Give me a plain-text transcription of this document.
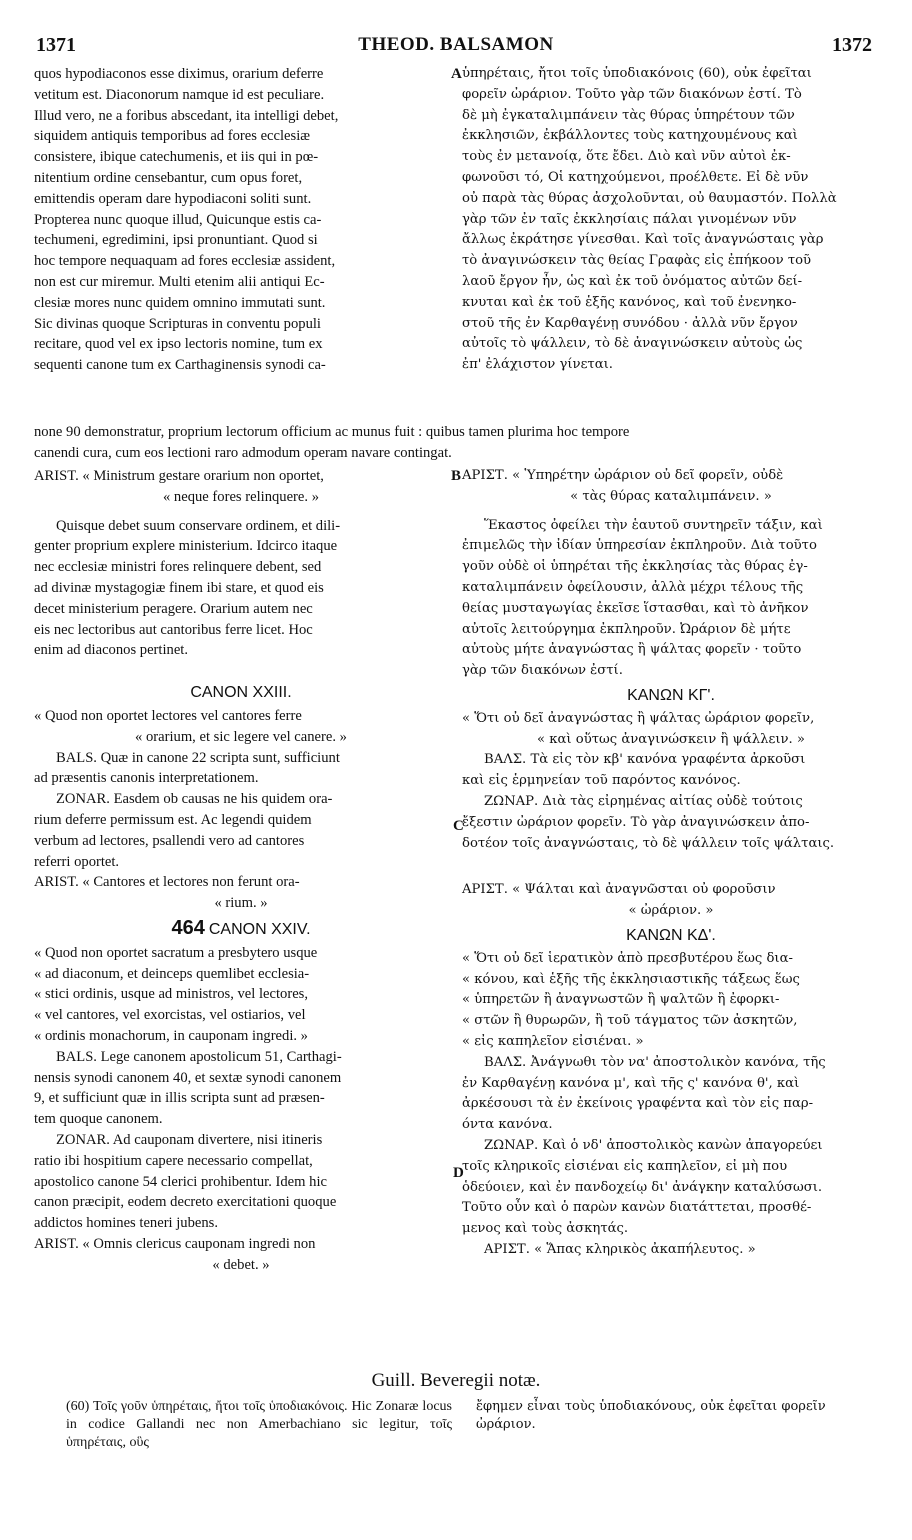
1371	THEOD. BALSAMON	1372
A
B
C
D

quos hypodiaconos esse diximus, orarium deferre

vetitum est. Diaconorum namque id est peculiare.

Illud vero, ne a foribus abscedant, ita intelligi debet,

siquidem antiquis temporibus ad fores ecclesiæ

consistere, ibique catechumenis, et iis qui in pœ-

nitentium ordine censebantur, cum opus foret,

emittendis operam dare hypodiaconi soliti sunt.

Propterea nunc quoque illud, Quicunque estis ca-

techumeni, egredimini, ipsi pronuntiant. Quod si

hoc tempore nequaquam ad fores ecclesiæ assident,

non est cur miremur. Multi etenim alii antiqui Ec-

clesiæ mores nunc quidem omnino immutati sunt.

Sic divinas quoque Scripturas in conventu populi

recitare, quod vel ex ipso lectoris nomine, tum ex

sequenti canone tum ex Carthaginensis synodi ca-

ὑπηρέταις, ἤτοι τοῖς ὑποδιακόνοις (60), οὐκ ἐφεῖται

φορεῖν ὠράριον. Τοῦτο γὰρ τῶν διακόνων ἐστί. Τὸ

δὲ μὴ ἐγκαταλιμπάνειν τὰς θύρας ὑπηρέτουν τῶν

ἐκκλησιῶν, ἐκβάλλοντες τοὺς κατηχουμένους καὶ

τοὺς ἐν μετανοίᾳ, ὅτε ἔδει. Διὸ καὶ νῦν αὐτοὶ ἐκ-

φωνοῦσι τό, Οἱ κατηχούμενοι, προέλθετε. Εἰ δὲ νῦν

οὐ παρὰ τὰς θύρας ἀσχολοῦνται, οὐ θαυμαστόν. Πολλὰ

γὰρ τῶν ἐν ταῖς ἐκκλησίαις πάλαι γινομένων νῦν

ἄλλως ἐκράτησε γίνεσθαι. Καὶ τοῖς ἀναγνώσταις γὰρ

τὸ ἀναγινώσκειν τὰς θείας Γραφὰς εἰς ἐπήκοον τοῦ

λαοῦ ἔργον ἦν, ὡς καὶ ἐκ τοῦ ὀνόματος αὐτῶν δεί-

κνυται καὶ ἐκ τοῦ ἑξῆς κανόνος, καὶ τοῦ ἐνενηκο-

στοῦ τῆς ἐν Καρθαγένῃ συνόδου · ἀλλὰ νῦν ἔργον

αὐτοῖς τὸ ψάλλειν, τὸ δὲ ἀναγινώσκειν αὐτοὺς ὡς

ἐπ' ἐλάχιστον γίνεται.

none 90 demonstratur, proprium lectorum officium ac munus fuit : quibus tamen plurima hoc tempore

canendi cura, cum eos lectioni raro admodum operam navare contingat.

ARIST. « Ministrum gestare orarium non oportet,

« neque fores relinquere. »

Quisque debet suum conservare ordinem, et dili-

genter proprium explere ministerium. Idcirco itaque

nec ecclesiæ ministri fores relinquere debent, sed

ad divinæ mystagogiæ finem ibi stare, et quod eis

decet ministerium peragere. Orarium autem nec

eis nec lectoribus aut cantoribus ferre licet. Hoc

enim ad diaconos pertinet.

CANON XXIII.

« Quod non oportet lectores vel cantores ferre

« orarium, et sic legere vel canere. »

BALS. Quæ in canone 22 scripta sunt, sufficiunt

ad præsentis canonis interpretationem.

ZONAR. Easdem ob causas ne his quidem ora-

rium deferre permissum est. Ac legendi quidem

verbum ad lectores, psallendi vero ad cantores

referri oportet.

ARIST. « Cantores et lectores non ferunt ora-

« rium. »

464 CANON XXIV.

« Quod non oportet sacratum a presbytero usque

« ad diaconum, et deinceps quemlibet ecclesia-

« stici ordinis, usque ad ministros, vel lectores,

« vel cantores, vel exorcistas, vel ostiarios, vel

« ordinis monachorum, in cauponam ingredi. »

BALS. Lege canonem apostolicum 51, Carthagi-

nensis synodi canonem 40, et sextæ synodi canonem

9, et sufficiunt quæ in illis scripta sunt ad præsen-

tem quoque canonem.

ZONAR. Ad cauponam divertere, nisi itineris

ratio ibi hospitium capere necessario compellat,

apostolico canone 54 clerici prohibentur. Idem hic

canon præcipit, eodem decreto exercitationi quoque

addictos homines teneri jubens.

ARIST. « Omnis clericus cauponam ingredi non

« debet. »

ΑΡΙΣΤ. « Ὑπηρέτην ὠράριον οὐ δεῖ φορεῖν, οὐδὲ

« τὰς θύρας καταλιμπάνειν. »

Ἕκαστος ὀφείλει τὴν ἑαυτοῦ συντηρεῖν τάξιν, καὶ

ἐπιμελῶς τὴν ἰδίαν ὑπηρεσίαν ἐκπληροῦν. Διὰ τοῦτο

γοῦν οὐδὲ οἱ ὑπηρέται τῆς ἐκκλησίας τὰς θύρας ἐγ-

καταλιμπάνειν ὀφείλουσιν, ἀλλὰ μέχρι τέλους τῆς

θείας μυσταγωγίας ἐκεῖσε ἵστασθαι, καὶ τὸ ἀνῆκον

αὐτοῖς λειτούργημα ἐκπληροῦν. Ὠράριον δὲ μήτε

αὐτοὺς μήτε ἀναγνώστας ἢ ψάλτας φορεῖν · τοῦτο

γὰρ τῶν διακόνων ἐστί.

ΚΑΝΩΝ ΚΓ'.

« Ὅτι οὐ δεῖ ἀναγνώστας ἢ ψάλτας ὠράριον φορεῖν,

« καὶ οὕτως ἀναγινώσκειν ἢ ψάλλειν. »

ΒΑΛΣ. Τὰ εἰς τὸν κβ' κανόνα γραφέντα ἀρκοῦσι

καὶ εἰς ἑρμηνείαν τοῦ παρόντος κανόνος.

ΖΩΝΑΡ. Διὰ τὰς εἰρημένας αἰτίας οὐδὲ τούτοις

ἔξεστιν ὠράριον φορεῖν. Τὸ γὰρ ἀναγινώσκειν ἀπο-

δοτέον τοῖς ἀναγνώσταις, τὸ δὲ ψάλλειν τοῖς ψάλταις.

ΑΡΙΣΤ. « Ψάλται καὶ ἀναγνῶσται οὐ φοροῦσιν

« ὠράριον. »

ΚΑΝΩΝ ΚΔ'.

« Ὅτι οὐ δεῖ ἱερατικὸν ἀπὸ πρεσβυτέρου ἕως δια-

« κόνου, καὶ ἑξῆς τῆς ἐκκλησιαστικῆς τάξεως ἕως

« ὑπηρετῶν ἢ ἀναγνωστῶν ἢ ψαλτῶν ἢ ἐφορκι-

« στῶν ἢ θυρωρῶν, ἢ τοῦ τάγματος τῶν ἀσκητῶν,

« εἰς καπηλεῖον εἰσιέναι. »

ΒΑΛΣ. Ἀνάγνωθι τὸν να' ἀποστολικὸν κανόνα, τῆς

ἐν Καρθαγένῃ κανόνα μ', καὶ τῆς ς' κανόνα θ', καὶ

ἀρκέσουσι τὰ ἐν ἐκείνοις γραφέντα καὶ τὸν εἰς παρ-

όντα κανόνα.

ΖΩΝΑΡ. Καὶ ὁ νδ' ἀποστολικὸς κανὼν ἀπαγορεύει

τοῖς κληρικοῖς εἰσιέναι εἰς καπηλεῖον, εἰ μὴ που

ὁδεύοιεν, καὶ ἐν πανδοχείῳ δι' ἀνάγκην καταλύσωσι.

Τοῦτο οὖν καὶ ὁ παρὼν κανὼν διατάττεται, προσθέ-

μενος καὶ τοὺς ἀσκητάς.

ΑΡΙΣΤ. « Ἅπας κληρικὸς ἀκαπήλευτος. »

Guill. Beveregii notæ.
(60) Τοῖς γοῦν ὑπηρέταις, ἤτοι τοῖς ὑποδιακόνοις. Hic Zonaræ locus in codice Gallandi nec non Amerbachiano sic legitur, τοῖς ὑπηρέταις, οὓς
ἔφημεν εἶναι τοὺς ὑποδιακόνους, οὐκ ἐφεῖται φορεῖν ὠράριον.
